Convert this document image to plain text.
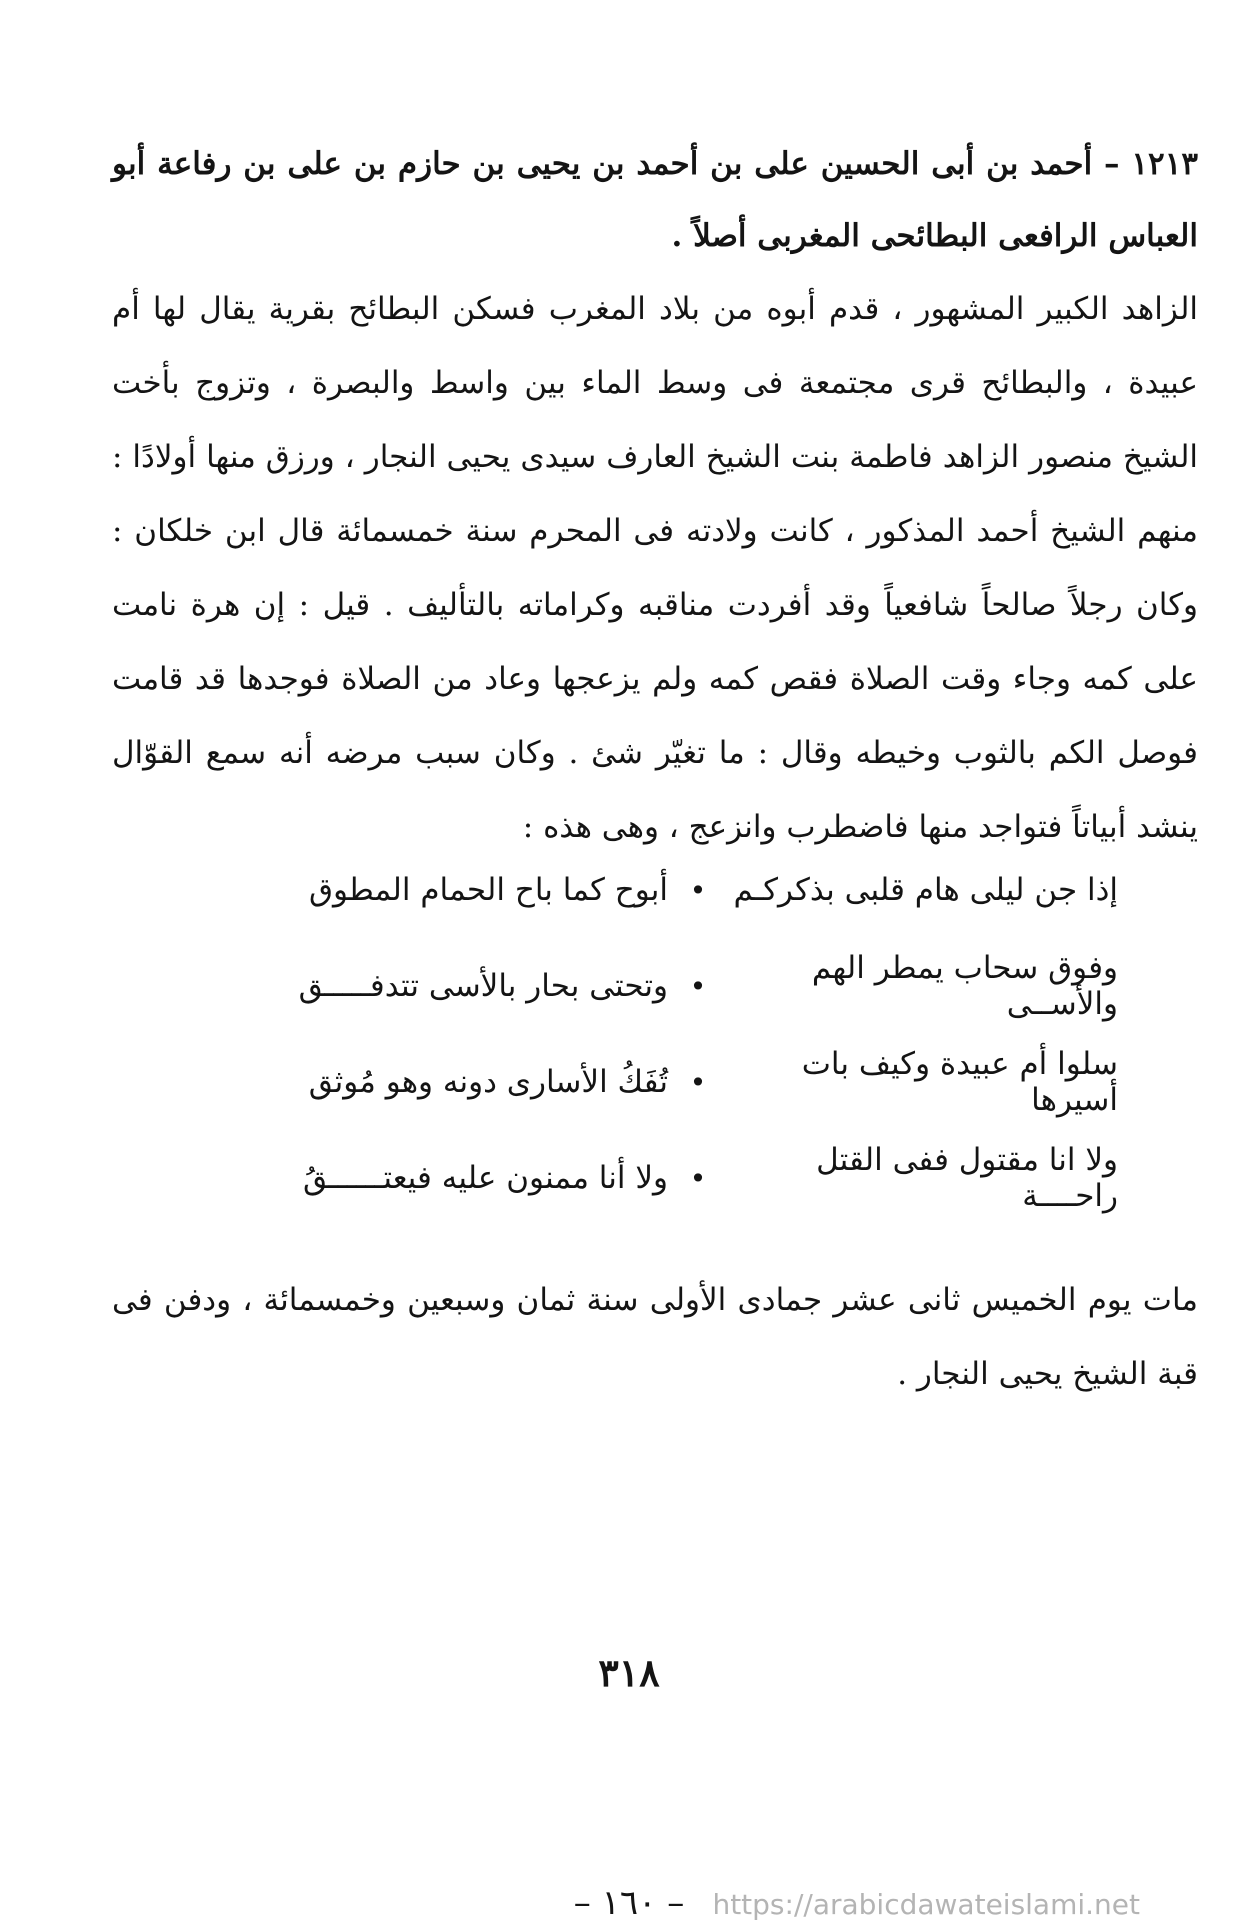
١٢١٣ – أحمد بن أبى الحسين على بن أحمد بن يحيى بن حازم بن على بن رفاعة أبو العباس الرافعى البطائحى المغربى أصلاً .

الزاهد الكبير المشهور ، قدم أبوه من بلاد المغرب فسكن البطائح بقرية يقال لها أم عبيدة ، والبطائح قرى مجتمعة فى وسط الماء بين واسط والبصرة ، وتزوج بأخت الشيخ منصور الزاهد فاطمة بنت الشيخ العارف سيدى يحيى النجار ، ورزق منها أولادًا : منهم الشيخ أحمد المذكور ، كانت ولادته فى المحرم سنة خمسمائة قال ابن خلكان : وكان رجلاً صالحاً شافعياً وقد أفردت مناقبه وكراماته بالتأليف . قيل : إن هرة نامت على كمه وجاء وقت الصلاة فقص كمه ولم يزعجها وعاد من الصلاة فوجدها قد قامت فوصل الكم بالثوب وخيطه وقال : ما تغيّر شئ . وكان سبب مرضه أنه سمع القوّال ينشد أبياتاً فتواجد منها فاضطرب وانزعج ، وهى هذه :

إذا جن ليلى هام قلبى بذكركـم
•
أبوح كما باح الحمام المطوق
وفوق سحاب يمطر الهم والأســى
•
وتحتى بحار بالأسى تتدفـــــق
سلوا أم عبيدة وكيف بات أسيرها
•
تُفَكُ الأسارى دونه وهو مُوثق
ولا انا مقتول ففى القتل راحــــة
•
ولا أنا ممنون عليه فيعتــــــقُ

مات يوم الخميس ثانى عشر جمادى الأولى سنة ثمان وسبعين وخمسمائة ، ودفن فى قبة الشيخ يحيى النجار .

٣١٨
– ١٦٠ –	https://arabicdawateislami.net
